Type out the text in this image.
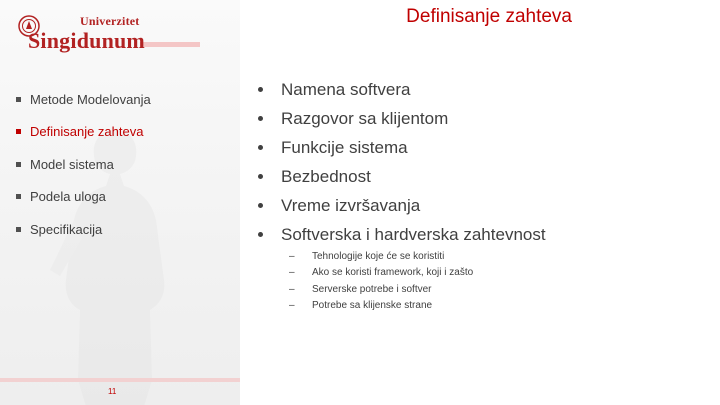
Univerzitet
Singidunum
Definisanje zahteva
Metode Modelovanja
Definisanje zahteva
Model sistema
Podela uloga
Specifikacija
Namena softvera
Razgovor sa klijentom
Funkcije sistema
Bezbednost
Vreme izvršavanja
Softverska i hardverska zahtevnost
–	Tehnologije koje će se koristiti
–	Ako se koristi framework, koji i zašto
–	Serverske potrebe i softver
–	Potrebe sa klijenske strane
11
